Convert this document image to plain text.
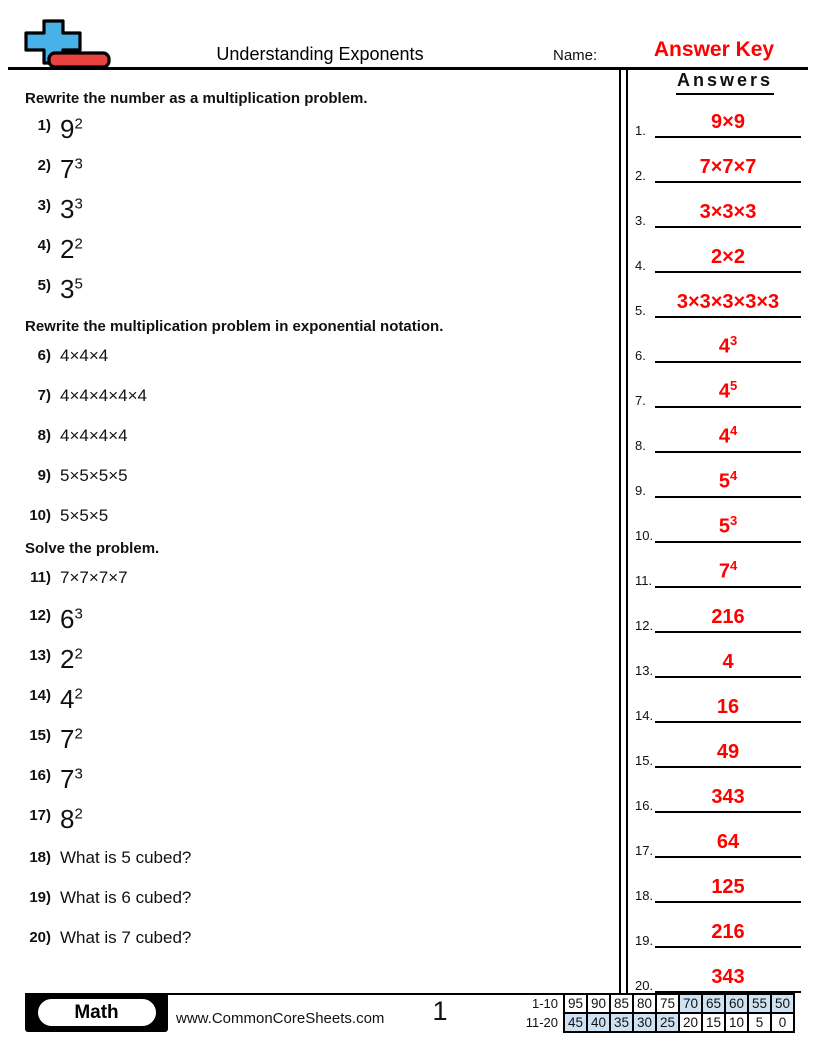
Understanding Exponents	Name:	Answer Key
Rewrite the number as a multiplication problem.
1) $9^2$
2) $7^3$
3) $3^3$
4) $2^2$
5) $3^5$
Rewrite the multiplication problem in exponential notation.
6) 4×4×4
7) 4×4×4×4×4
8) 4×4×4×4
9) 5×5×5×5
10) 5×5×5
Solve the problem.
11) 7×7×7×7
12) $6^3$
13) $2^2$
14) $4^2$
15) $7^2$
16) $7^3$
17) $8^2$
18) What is 5 cubed?
19) What is 6 cubed?
20) What is 7 cubed?
Answers
1.	9×9
2.	7×7×7
3.	3×3×3
4.	2×2
5.	3×3×3×3×3
6.	$4^3$
7.	$4^5$
8.	$4^4$
9.	$5^4$
10.	$5^3$
11.	$7^4$
12.	216
13.	4
14.	16
15.	49
16.	343
17.	64
18.	125
19.	216
20.	343
Math	www.CommonCoreSheets.com	1	1-10	95	90	85	80	75	70	65	60	55	50
11-20	45	40	35	30	25	20	15	10	5	0
